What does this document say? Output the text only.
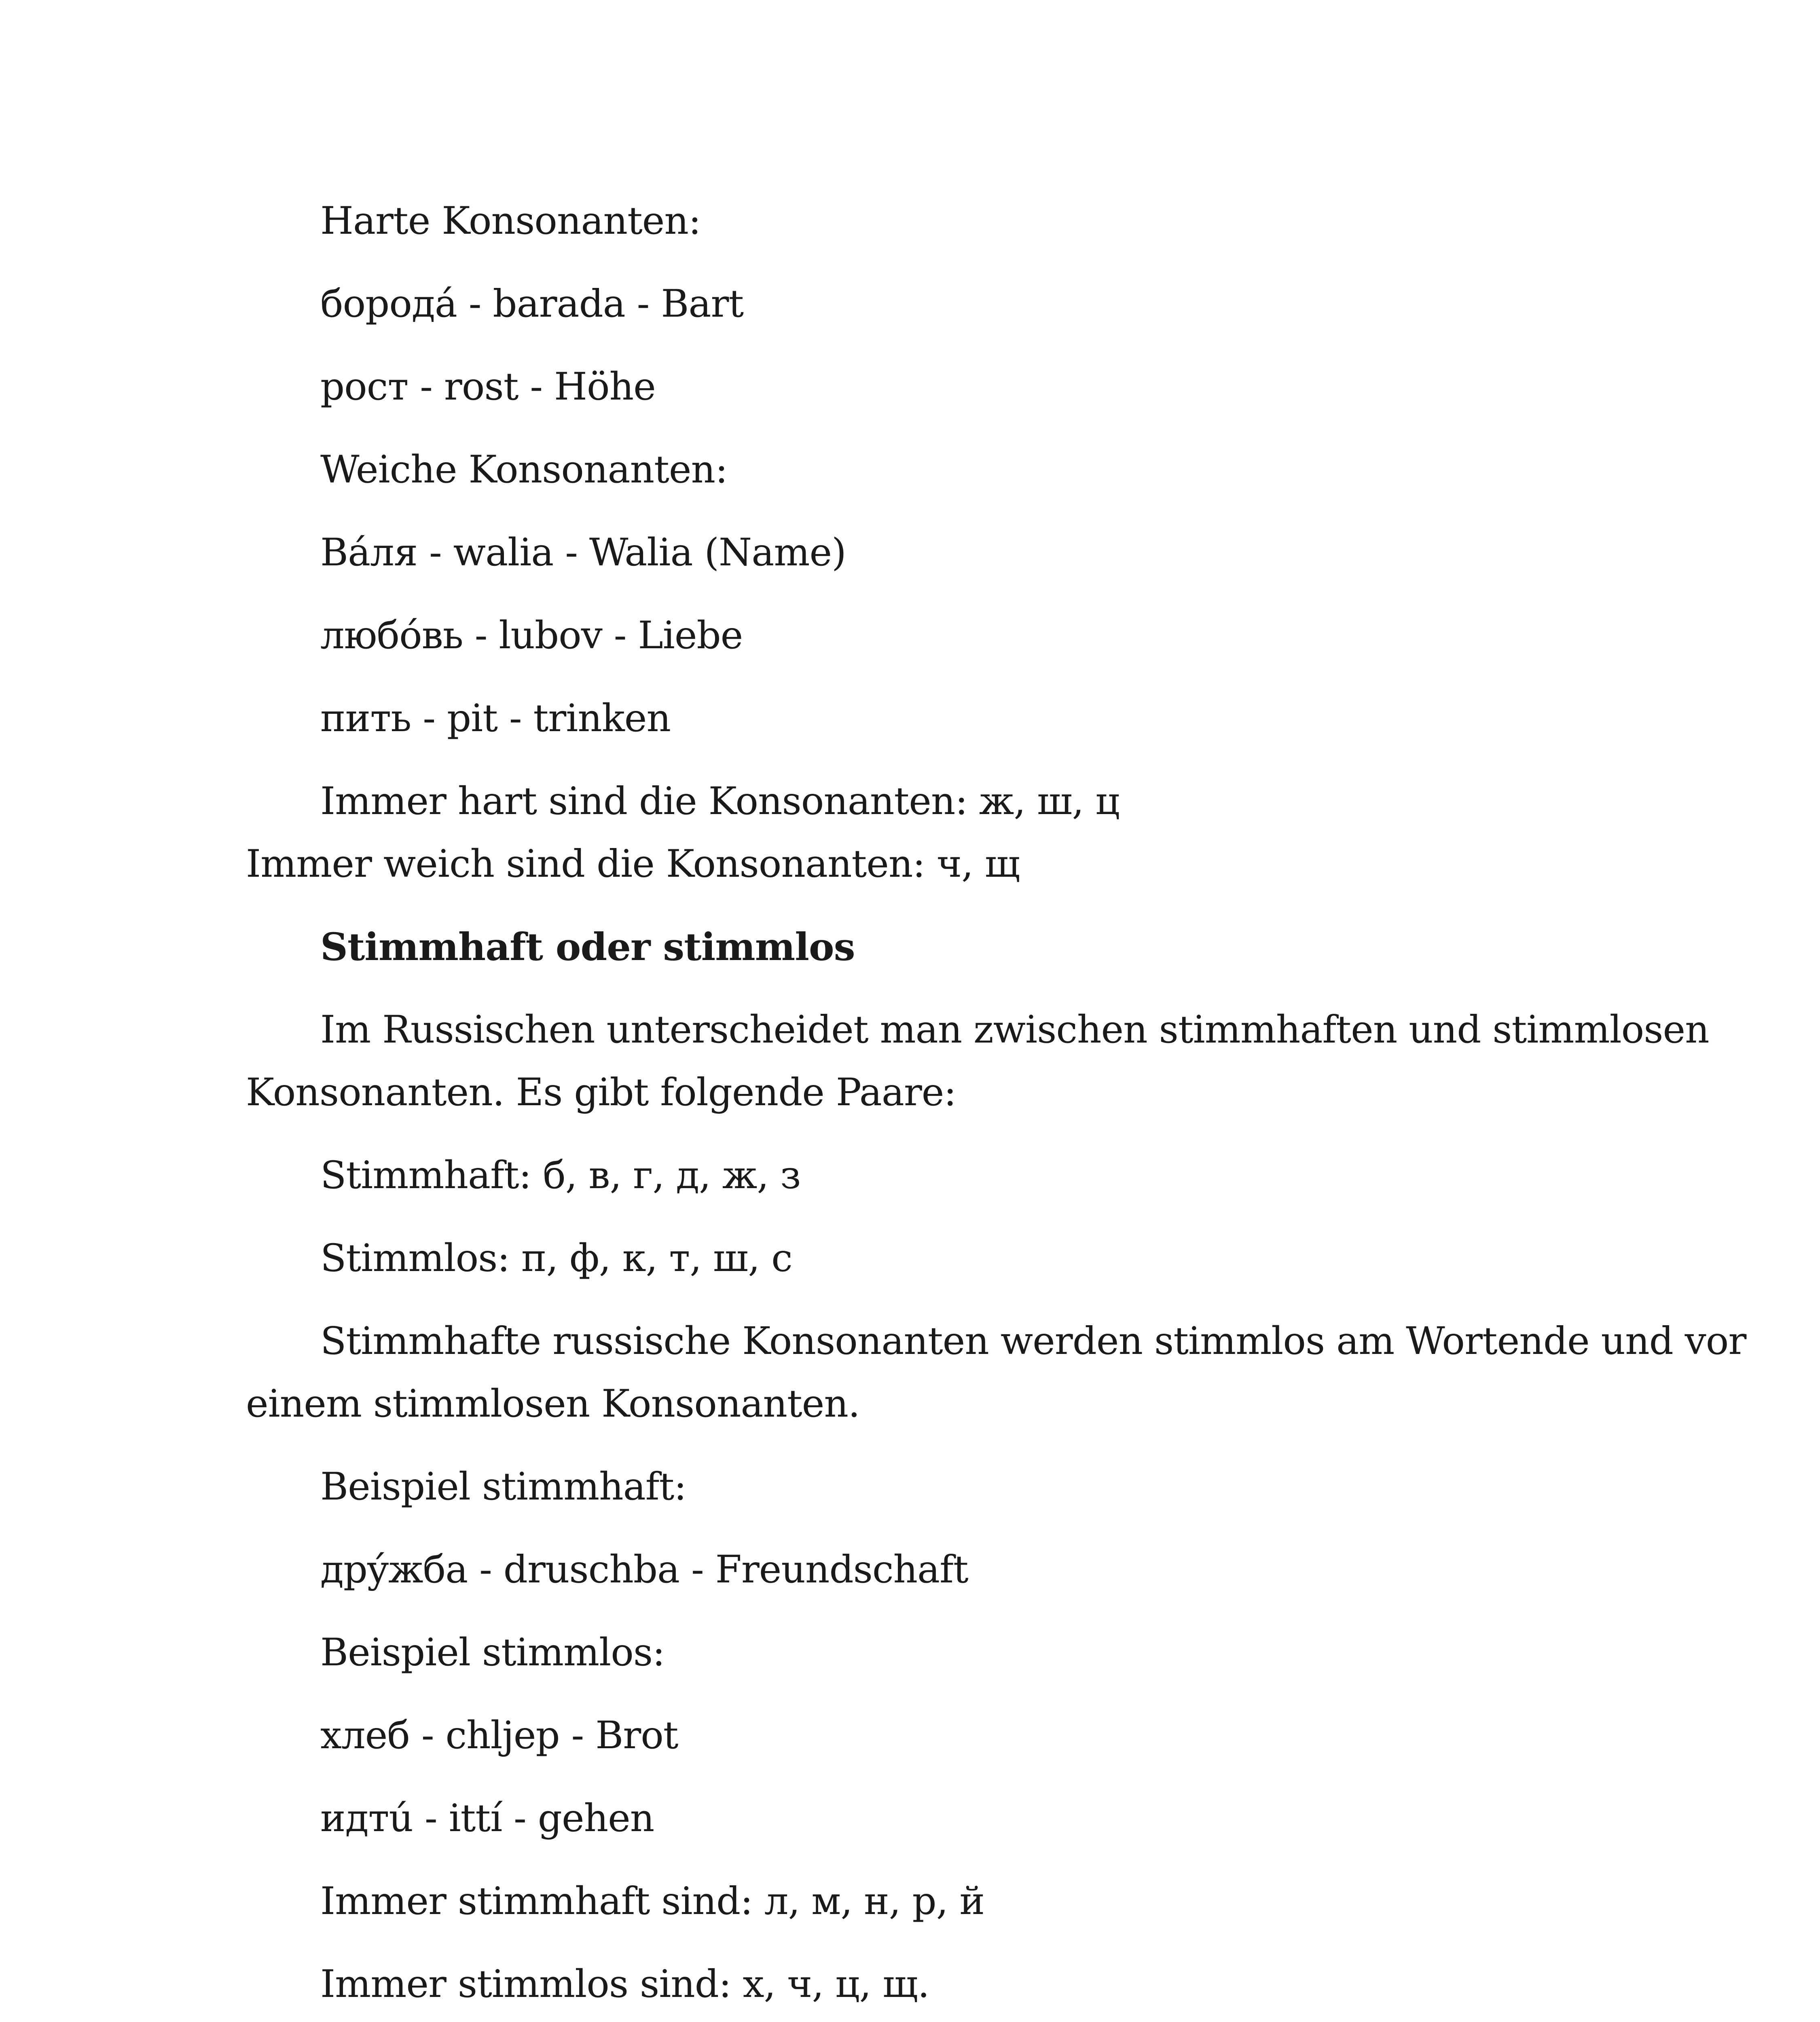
Harte Konsonanten:
бородá - barada - Bart
рост - rost - Höhe
Weiche Konsonanten:
Вáля - walia - Walia (Name)
любóвь - lubov - Liebe
пить - pit - trinken
Immer hart sind die Konsonanten: ж, ш, ц
Immer weich sind die Konsonanten: ч, щ
Stimmhaft oder stimmlos
Im Russischen unterscheidet man zwischen stimmhaften und stimmlosen
Konsonanten. Es gibt folgende Paare:
Stimmhaft: б, в, г, д, ж, з
Stimmlos: п, ф, к, т, ш, с
Stimmhafte russische Konsonanten werden stimmlos am Wortende und vor
einem stimmlosen Konsonanten.
Beispiel stimmhaft:
дрýжба - druschba - Freundschaft
Beispiel stimmlos:
хлеб - chljep - Brot
идтú - ittí - gehen
Immer stimmhaft sind: л, м, н, р, й
Immer stimmlos sind: х, ч, ц, щ.
